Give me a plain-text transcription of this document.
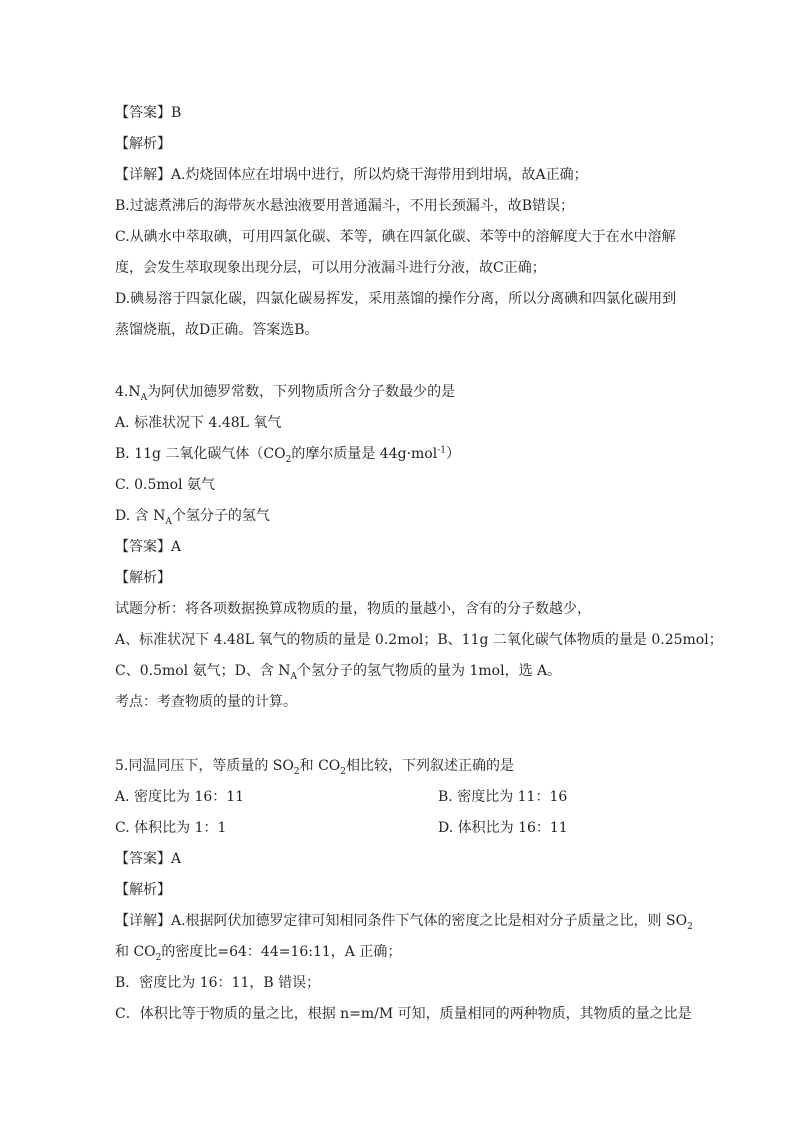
【答案】B
【解析】
【详解】A.灼烧固体应在坩埚中进行，所以灼烧干海带用到坩埚，故A正确；
B.过滤煮沸后的海带灰水悬浊液要用普通漏斗，不用长颈漏斗，故B错误；
C.从碘水中萃取碘，可用四氯化碳、苯等，碘在四氯化碳、苯等中的溶解度大于在水中溶解
度，会发生萃取现象出现分层，可以用分液漏斗进行分液，故C正确；
D.碘易溶于四氯化碳，四氯化碳易挥发，采用蒸馏的操作分离，所以分离碘和四氯化碳用到
蒸馏烧瓶，故D正确。答案选B。
$4.N_A$为阿伏加德罗常数，下列物质所含分子数最少的是
A. 标准状况下 4.48L 氧气
B. 11g 二氧化碳气体（$CO_2$的摩尔质量是 44g·mol$^{-1}$）
C. 0.5mol 氨气
D. 含 $N_A$个氢分子的氢气
【答案】A
【解析】
试题分析：将各项数据换算成物质的量，物质的量越小，含有的分子数越少，
A、标准状况下 4.48L 氧气的物质的量是 0.2mol；B、11g 二氧化碳气体物质的量是 0.25mol；
C、0.5mol 氨气；D、含 $N_A$个氢分子的氢气物质的量为 1mol，选 A。
考点：考查物质的量的计算。
5.同温同压下，等质量的 $SO_2$和 $CO_2$相比较，下列叙述正确的是
A. 密度比为 16：11	B. 密度比为 11：16
C. 体积比为 1：1	D. 体积比为 16：11
【答案】A
【解析】
【详解】A.根据阿伏加德罗定律可知相同条件下气体的密度之比是相对分子质量之比，则 $SO_2$
和 $CO_2$的密度比=64：44=16:11，A 正确；
B．密度比为 16：11，B 错误；
C．体积比等于物质的量之比，根据 n=m/M 可知，质量相同的两种物质，其物质的量之比是
